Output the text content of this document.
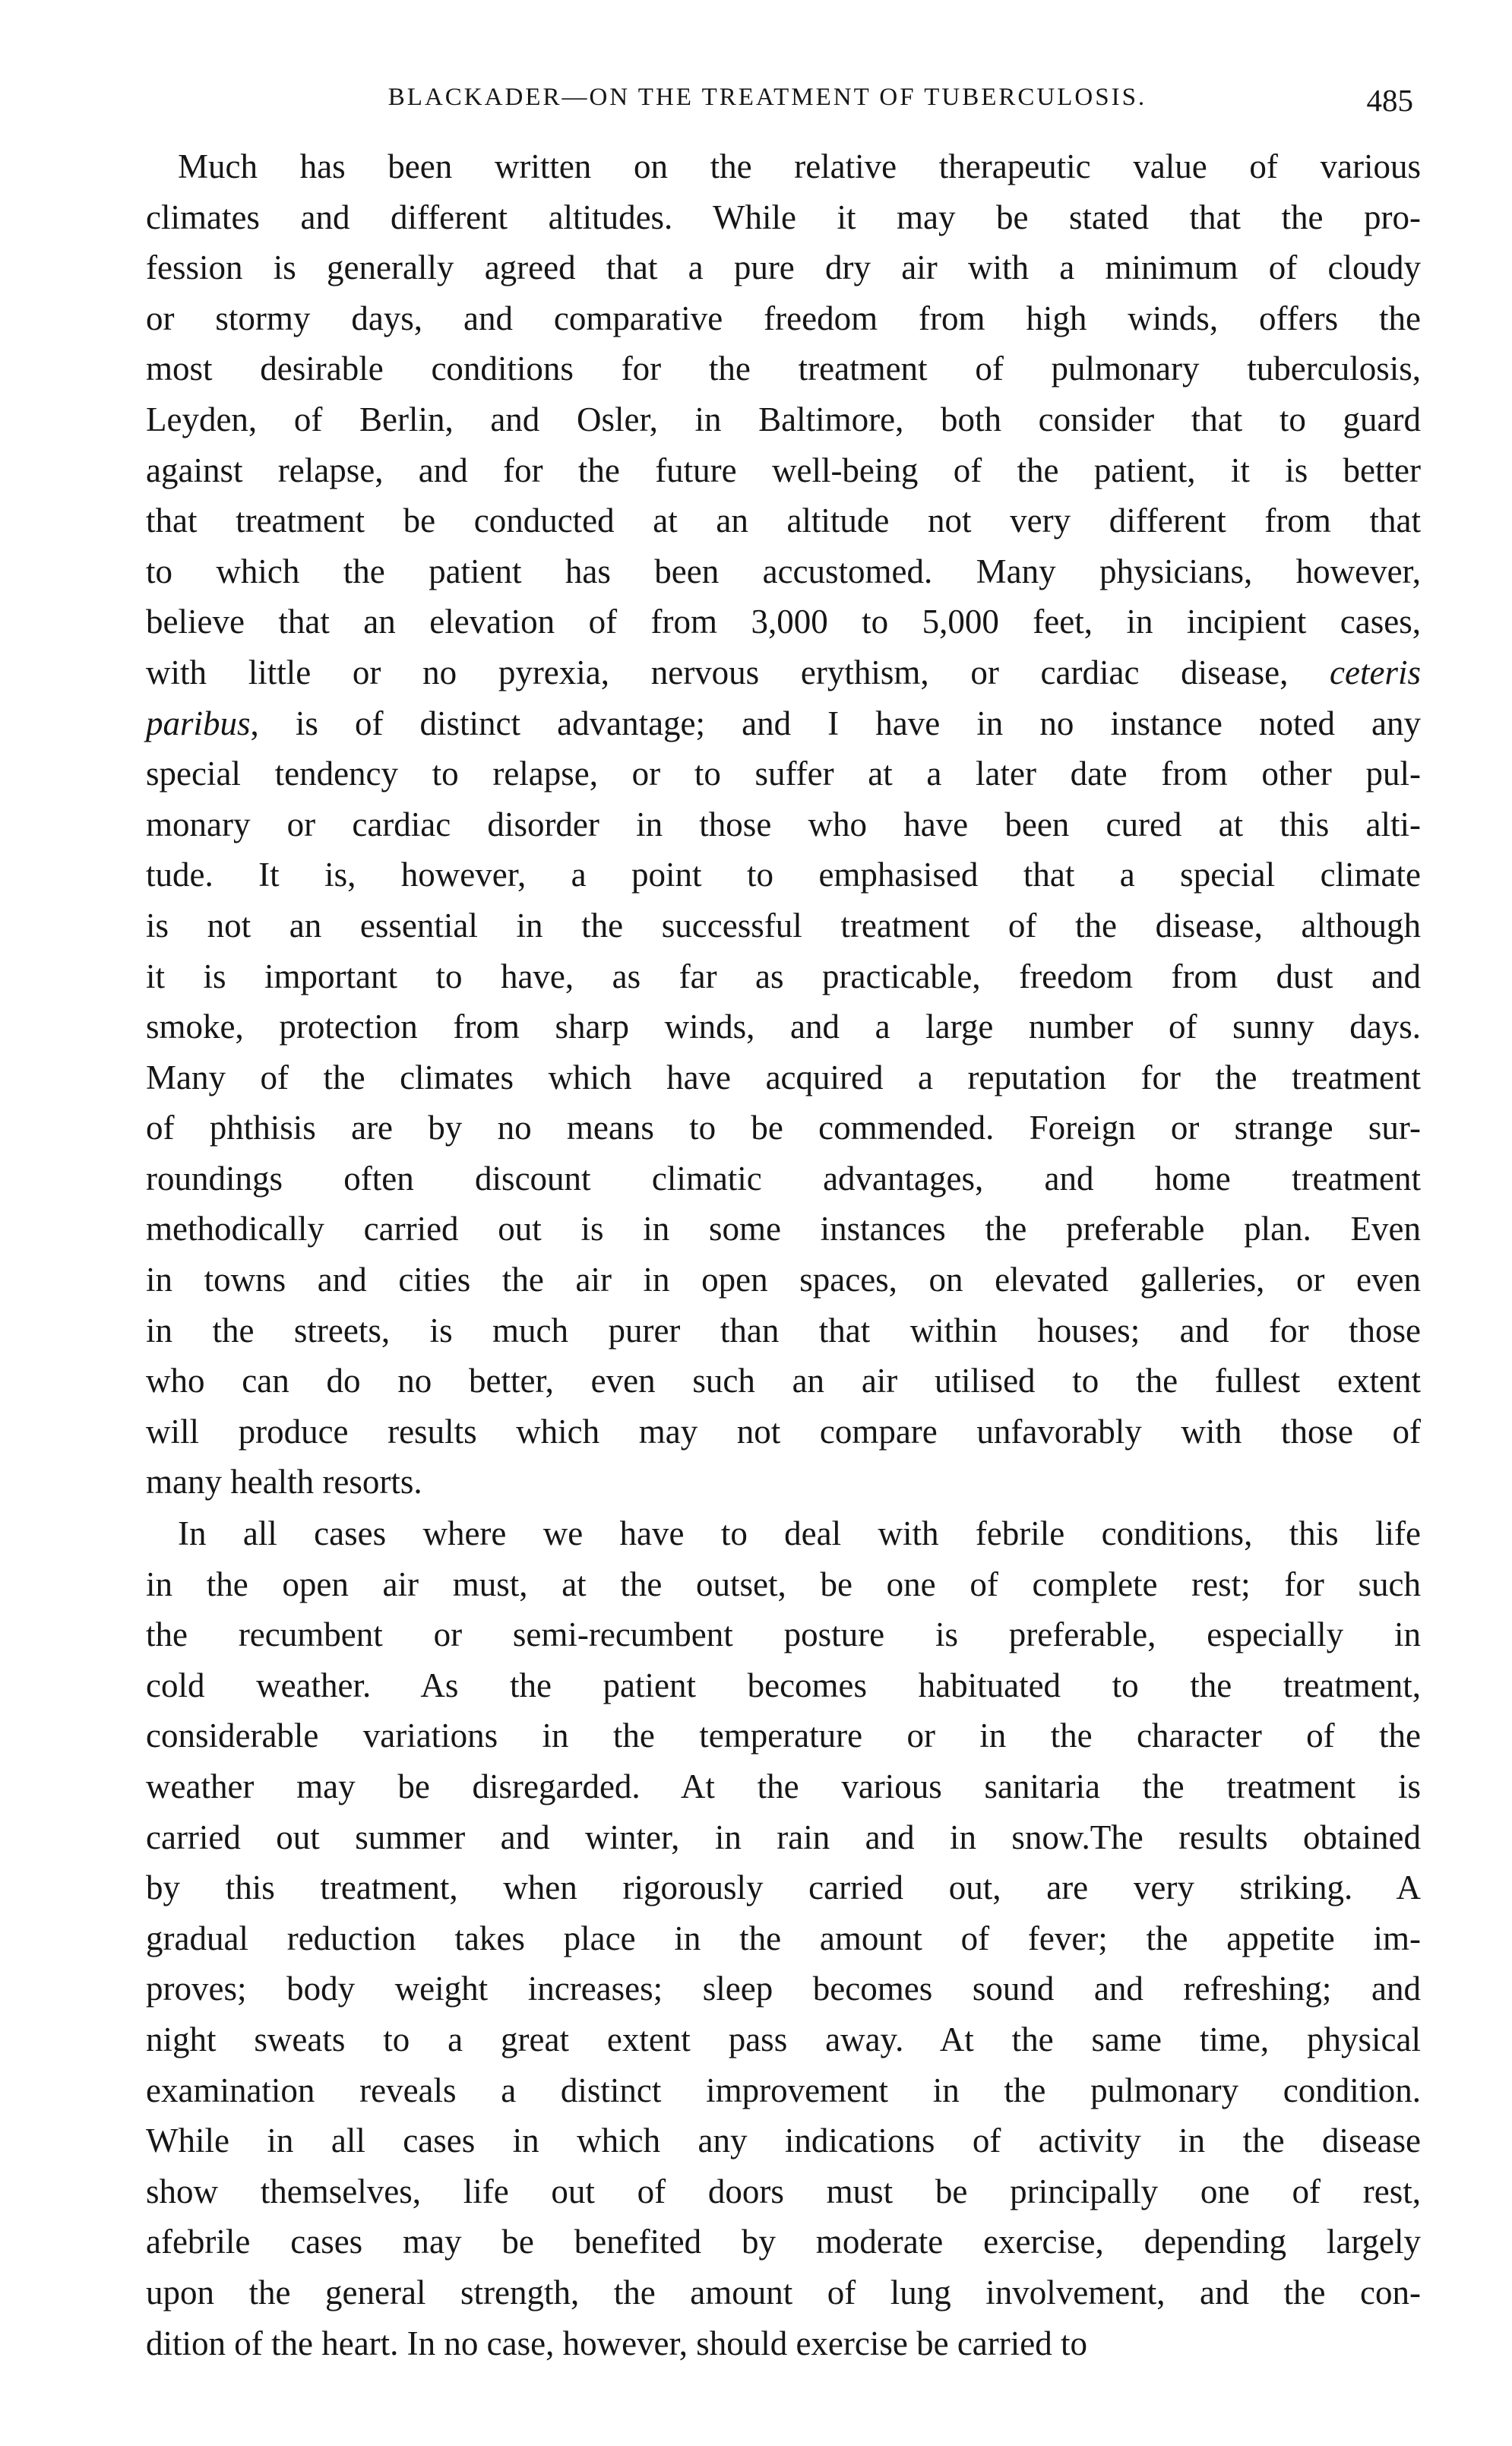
BLACKADER—ON THE TREATMENT OF TUBERCULOSIS.	485
Much has been written on the relative therapeutic value of various
climates and different altitudes. While it may be stated that the pro-
fession is generally agreed that a pure dry air with a minimum of cloudy
or stormy days, and comparative freedom from high winds, offers the
most desirable conditions for the treatment of pulmonary tuberculosis,
Leyden, of Berlin, and Osler, in Baltimore, both consider that to guard
against relapse, and for the future well-being of the patient, it is better
that treatment be conducted at an altitude not very different from that
to which the patient has been accustomed. Many physicians, however,
believe that an elevation of from 3,000 to 5,000 feet, in incipient cases,
with little or no pyrexia, nervous erythism, or cardiac disease, ceteris
paribus, is of distinct advantage; and I have in no instance noted any
special tendency to relapse, or to suffer at a later date from other pul-
monary or cardiac disorder in those who have been cured at this alti-
tude. It is, however, a point to emphasised that a special climate
is not an essential in the successful treatment of the disease, although
it is important to have, as far as practicable, freedom from dust and
smoke, protection from sharp winds, and a large number of sunny days.
Many of the climates which have acquired a reputation for the treatment
of phthisis are by no means to be commended. Foreign or strange sur-
roundings often discount climatic advantages, and home treatment
methodically carried out is in some instances the preferable plan. Even
in towns and cities the air in open spaces, on elevated galleries, or even
in the streets, is much purer than that within houses; and for those
who can do no better, even such an air utilised to the fullest extent
will produce results which may not compare unfavorably with those of
many health resorts.
In all cases where we have to deal with febrile conditions, this life
in the open air must, at the outset, be one of complete rest; for such
the recumbent or semi-recumbent posture is preferable, especially in
cold weather. As the patient becomes habituated to the treatment,
considerable variations in the temperature or in the character of the
weather may be disregarded. At the various sanitaria the treatment is
carried out summer and winter, in rain and in snow.The results obtained
by this treatment, when rigorously carried out, are very striking. A
gradual reduction takes place in the amount of fever; the appetite im-
proves; body weight increases; sleep becomes sound and refreshing; and
night sweats to a great extent pass away. At the same time, physical
examination reveals a distinct improvement in the pulmonary condition.
While in all cases in which any indications of activity in the disease
show themselves, life out of doors must be principally one of rest,
afebrile cases may be benefited by moderate exercise, depending largely
upon the general strength, the amount of lung involvement, and the con-
dition of the heart. In no case, however, should exercise be carried to
